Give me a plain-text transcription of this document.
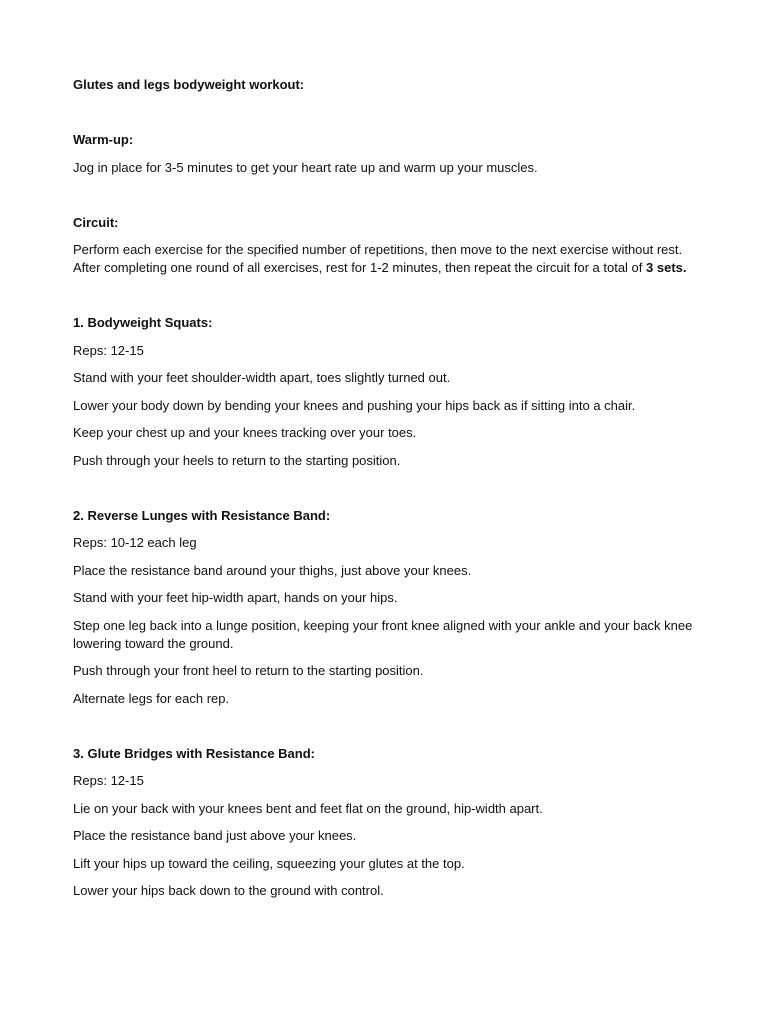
Glutes and legs bodyweight workout:
Warm-up:
Jog in place for 3-5 minutes to get your heart rate up and warm up your muscles.
Circuit:
Perform each exercise for the specified number of repetitions, then move to the next exercise without rest. After completing one round of all exercises, rest for 1-2 minutes, then repeat the circuit for a total of 3 sets.
1. Bodyweight Squats:
Reps: 12-15
Stand with your feet shoulder-width apart, toes slightly turned out.
Lower your body down by bending your knees and pushing your hips back as if sitting into a chair.
Keep your chest up and your knees tracking over your toes.
Push through your heels to return to the starting position.
2. Reverse Lunges with Resistance Band:
Reps: 10-12 each leg
Place the resistance band around your thighs, just above your knees.
Stand with your feet hip-width apart, hands on your hips.
Step one leg back into a lunge position, keeping your front knee aligned with your ankle and your back knee lowering toward the ground.
Push through your front heel to return to the starting position.
Alternate legs for each rep.
3. Glute Bridges with Resistance Band:
Reps: 12-15
Lie on your back with your knees bent and feet flat on the ground, hip-width apart.
Place the resistance band just above your knees.
Lift your hips up toward the ceiling, squeezing your glutes at the top.
Lower your hips back down to the ground with control.
